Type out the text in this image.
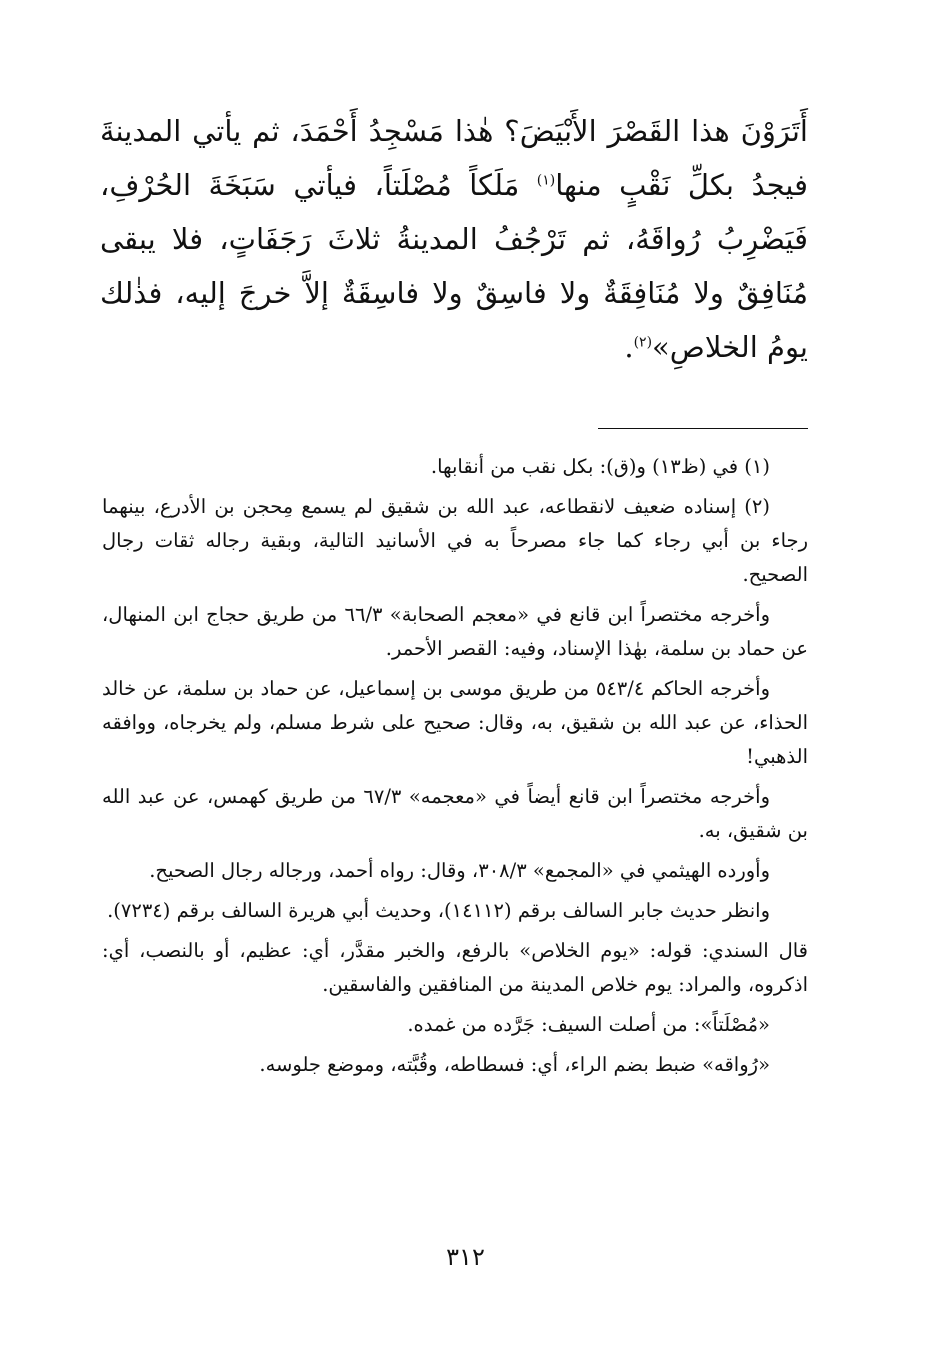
أَتَرَوْنَ هذا القَصْرَ الأَبْيَضَ؟ هٰذا مَسْجِدُ أَحْمَدَ، ثم يأتي المدينةَ فيجدُ بكلِّ نَقْبٍ منها$^{(١)}$ مَلَكاً مُصْلَتاً، فيأتي سَبَخَةَ الحُرْفِ، فَيَضْرِبُ رُواقَهُ، ثم تَرْجُفُ المدينةُ ثلاثَ رَجَفَاتٍ، فلا يبقى مُنَافِقٌ ولا مُنَافِقَةٌ ولا فاسِقٌ ولا فاسِقَةٌ إلاَّ خرجَ إليه، فذٰلك يومُ الخلاصِ»$^{(٢)}$.

(١) في (ظ١٣) و(ق): بكل نقب من أنقابها.

(٢) إسناده ضعيف لانقطاعه، عبد الله بن شقيق لم يسمع مِحجن بن الأدرع، بينهما رجاء بن أبي رجاء كما جاء مصرحاً به في الأسانيد التالية، وبقية رجاله ثقات رجال الصحيح.

وأخرجه مختصراً ابن قانع في «معجم الصحابة» ٦٦/٣ من طريق حجاج ابن المنهال، عن حماد بن سلمة، بهٰذا الإسناد، وفيه: القصر الأحمر.

وأخرجه الحاكم ٥٤٣/٤ من طريق موسى بن إسماعيل، عن حماد بن سلمة، عن خالد الحذاء، عن عبد الله بن شقيق، به، وقال: صحيح على شرط مسلم، ولم يخرجاه، ووافقه الذهبي!

وأخرجه مختصراً ابن قانع أيضاً في «معجمه» ٦٧/٣ من طريق كهمس، عن عبد الله بن شقيق، به.

وأورده الهيثمي في «المجمع» ٣٠٨/٣، وقال: رواه أحمد، ورجاله رجال الصحيح.

وانظر حديث جابر السالف برقم (١٤١١٢)، وحديث أبي هريرة السالف برقم (٧٢٣٤).

قال السندي: قوله: «يوم الخلاص» بالرفع، والخبر مقدَّر، أي: عظيم، أو بالنصب، أي: اذكروه، والمراد: يوم خلاص المدينة من المنافقين والفاسقين.

«مُصْلَتاً»: من أصلت السيف: جَرَّده من غمده.

«رُواقه» ضبط بضم الراء، أي: فسطاطه، وقُبَّته، وموضع جلوسه.

٣١٢
